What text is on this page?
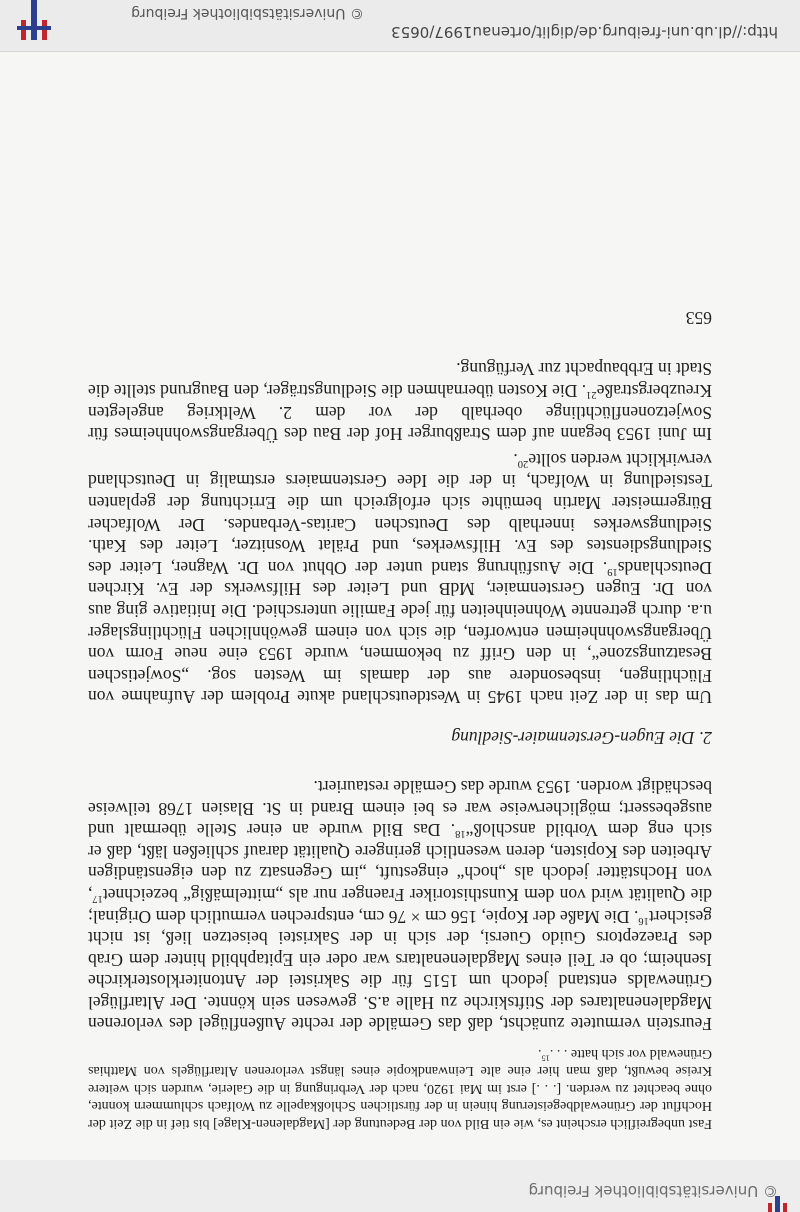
© Universitätsbibliothek Freiburg

Fast unbegreiflich erscheint es, wie ein Bild von der Bedeutung der [Magdalenen-Klage] bis tief in die Zeit der Hochflut der Grünewaldbegeisterung hinein in der fürstlichen Schloßkapelle zu Wolfach schlummern konnte, ohne beachtet zu werden. [. . .] erst im Mai 1920, nach der Verbringung in die Galerie, wurden sich weitere Kreise bewußt, daß man hier eine alte Leinwandkopie eines längst verlorenen Altarflügels von Matthias Grünewald vor sich hatte . . .$^{15}$.

Feurstein vermutete zunächst, daß das Gemälde der rechte Außenflügel des verlorenen Magdalenenaltares der Stiftskirche zu Halle a.S. gewesen sein könnte. Der Altarflügel Grünewalds entstand jedoch um 1515 für die Sakristei der Antoniterklosterkirche Isenheim; ob er Teil eines Magdalenenaltars war oder ein Epitaphbild hinter dem Grab des Praezeptors Guido Guersi, der sich in der Sakristei beisetzen ließ, ist nicht gesichert$^{16}$. Die Maße der Kopie, 156 cm × 76 cm, entsprechen vermutlich dem Original; die Qualität wird von dem Kunsthistoriker Fraenger nur als „mittelmäßig“ bezeichnet$^{17}$, von Hochstätter jedoch als „hoch“ eingestuft, „im Gegensatz zu den eigenständigen Arbeiten des Kopisten, deren wesentlich geringere Qualität darauf schließen läßt, daß er sich eng dem Vorbild anschloß“$^{18}$. Das Bild wurde an einer Stelle übermalt und ausgebessert; möglicherweise war es bei einem Brand in St. Blasien 1768 teilweise beschädigt worden. 1953 wurde das Gemälde restauriert.

2. Die Eugen-Gerstenmaier-Siedlung

Um das in der Zeit nach 1945 in Westdeutschland akute Problem der Aufnahme von Flüchtlingen, insbesondere aus der damals im Westen sog. „Sowjetischen Besatzungszone“, in den Griff zu bekommen, wurde 1953 eine neue Form von Übergangswohnheimen entworfen, die sich von einem gewöhnlichen Flüchtlingslager u.a. durch getrennte Wohneinheiten für jede Familie unterschied. Die Initiative ging aus von Dr. Eugen Gerstenmaier, MdB und Leiter des Hilfswerks der Ev. Kirchen Deutschlands$^{19}$. Die Ausführung stand unter der Obhut von Dr. Wagner, Leiter des Siedlungsdienstes des Ev. Hilfswerkes, und Prälat Wosnitzer, Leiter des Kath. Siedlungswerkes innerhalb des Deutschen Caritas-Verbandes. Der Wolfacher Bürgermeister Martin bemühte sich erfolgreich um die Errichtung der geplanten Testsiedlung in Wolfach, in der die Idee Gerstenmaiers erstmalig in Deutschland verwirklicht werden sollte$^{20}$.

Im Juni 1953 begann auf dem Straßburger Hof der Bau des Übergangswohnheimes für Sowjetzonenflüchtlinge oberhalb der vor dem 2. Weltkrieg angelegten Kreuzbergstraße$^{21}$. Die Kosten übernahmen die Siedlungsträger, den Baugrund stellte die Stadt in Erbbaupacht zur Verfügung.

653
http://dl.ub.uni-freiburg.de/diglit/ortenau1997/0653
© Universitätsbibliothek Freiburg
